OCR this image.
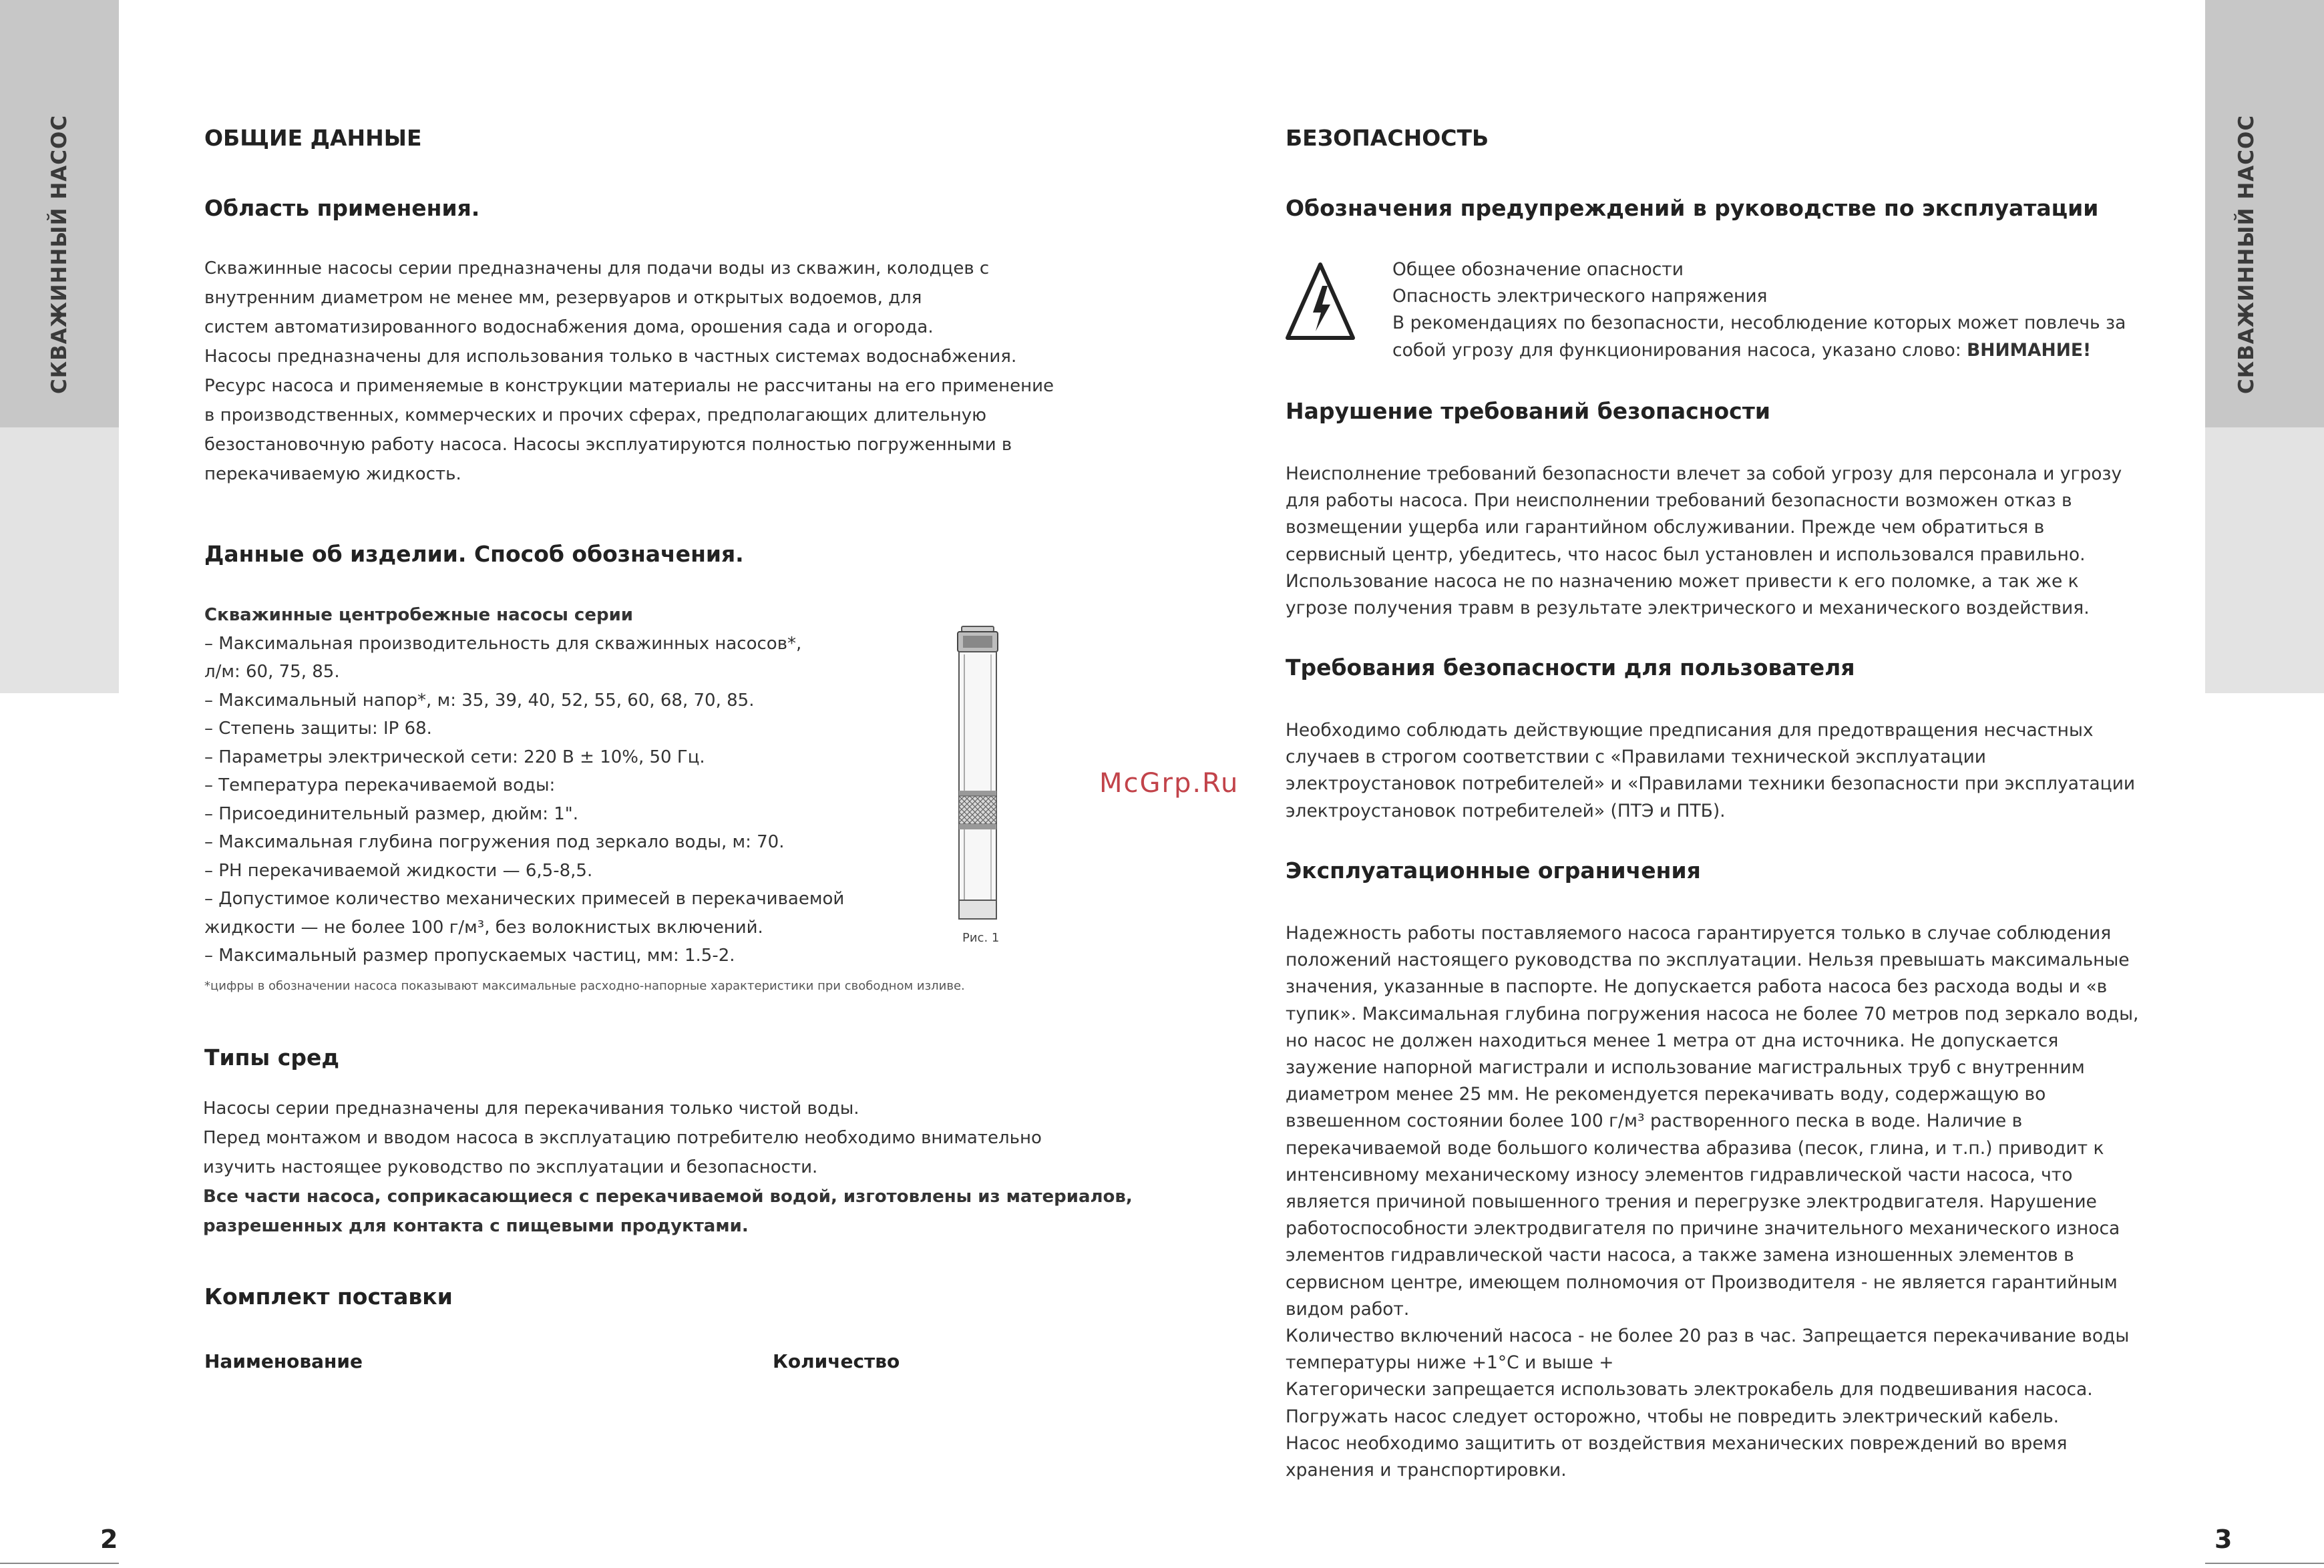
СКВАЖИННЫЙ НАСОС	СКВАЖИННЫЙ НАСОС
2	3
McGrp.Ru
ОБЩИЕ ДАННЫЕ
Область применения.
Скважинные насосы серии предназначены для подачи воды из скважин, колодцев с
внутренним диаметром не менее мм, резервуаров и открытых водоемов, для
систем автоматизированного водоснабжения дома, орошения сада и огорода.
Насосы предназначены для использования только в частных системах водоснабжения.
Ресурс насоса и применяемые в конструкции материалы не рассчитаны на его применение
в производственных, коммерческих и прочих сферах, предполагающих длительную
безостановочную работу насоса. Насосы эксплуатируются полностью погруженными в
перекачиваемую жидкость.
Данные об изделии. Способ обозначения.
Скважинные центробежные насосы серии
– Максимальная производительность для скважинных насосов*,
л/м: 60, 75, 85.
– Максимальный напор*, м: 35, 39, 40, 52, 55, 60, 68, 70, 85.
– Степень защиты: IP 68.
– Параметры электрической сети: 220 В ± 10%, 50 Гц.
– Температура перекачиваемой воды:
– Присоединительный размер, дюйм: 1".
– Максимальная глубина погружения под зеркало воды, м: 70.
– PH перекачиваемой жидкости — 6,5-8,5.
– Допустимое количество механических примесей в перекачиваемой
жидкости — не более 100 г/м³, без волокнистых включений.
– Максимальный размер пропускаемых частиц, мм: 1.5-2.
*цифры в обозначении насоса показывают максимальные расходно-напорные характеристики при свободном изливе.
Рис. 1
Типы сред
Насосы серии предназначены для перекачивания только чистой воды.
Перед монтажом и вводом насоса в эксплуатацию потребителю необходимо внимательно
изучить настоящее руководство по эксплуатации и безопасности.
Все части насоса, соприкасающиеся с перекачиваемой водой, изготовлены из материалов,
разрешенных для контакта с пищевыми продуктами.
Комплект поставки
Наименование	Количество
БЕЗОПАСНОСТЬ
Обозначения предупреждений в руководстве по эксплуатации
Общее обозначение опасности
Опасность электрического напряжения
В рекомендациях по безопасности, несоблюдение которых может повлечь за
собой угрозу для функционирования насоса, указано слово: ВНИМАНИЕ!
Нарушение требований безопасности
Неисполнение требований безопасности влечет за собой угрозу для персонала и угрозу
для работы насоса. При неисполнении требований безопасности возможен отказ в
возмещении ущерба или гарантийном обслуживании. Прежде чем обратиться в
сервисный центр, убедитесь, что насос был установлен и использовался правильно.
Использование насоса не по назначению может привести к его поломке, а так же к
угрозе получения травм в результате электрического и механического воздействия.
Требования безопасности для пользователя
Необходимо соблюдать действующие предписания для предотвращения несчастных
случаев в строгом соответствии с «Правилами технической эксплуатации
электроустановок потребителей» и «Правилами техники безопасности при эксплуатации
электроустановок потребителей» (ПТЭ и ПТБ).
Эксплуатационные ограничения
Надежность работы поставляемого насоса гарантируется только в случае соблюдения
положений настоящего руководства по эксплуатации. Нельзя превышать максимальные
значения, указанные в паспорте. Не допускается работа насоса без расхода воды и «в
тупик». Максимальная глубина погружения насоса не более 70 метров под зеркало воды,
но насос не должен находиться менее 1 метра от дна источника. Не допускается
заужение напорной магистрали и использование магистральных труб с внутренним
диаметром менее 25 мм. Не рекомендуется перекачивать воду, содержащую во
взвешенном состоянии более 100 г/м³ растворенного песка в воде. Наличие в
перекачиваемой воде большого количества абразива (песок, глина, и т.п.) приводит к
интенсивному механическому износу элементов гидравлической части насоса, что
является причиной повышенного трения и перегрузке электродвигателя. Нарушение
работоспособности электродвигателя по причине значительного механического износа
элементов гидравлической части насоса, а также замена изношенных элементов в
сервисном центре, имеющем полномочия от Производителя - не является гарантийным
видом работ.
Количество включений насоса - не более 20 раз в час. Запрещается перекачивание воды
температуры ниже +1°С и выше +
Категорически запрещается использовать электрокабель для подвешивания насоса.
Погружать насос следует осторожно, чтобы не повредить электрический кабель.
Насос необходимо защитить от воздействия механических повреждений во время
хранения и транспортировки.
